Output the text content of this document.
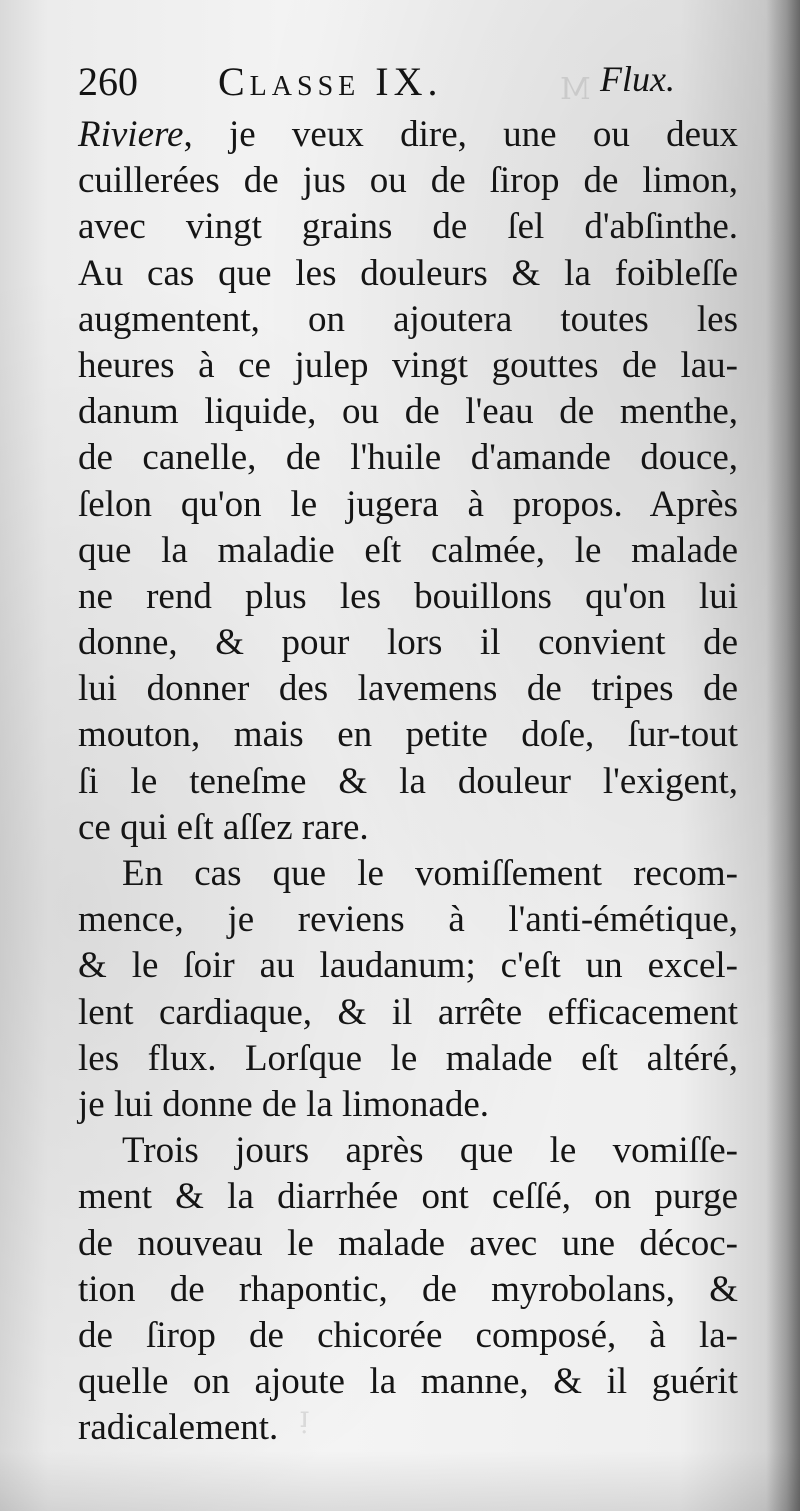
M
ᴉ
260 Classe IX.	Flux.
Riviere, je veux dire, une ou deux
cuillerées de jus ou de ſirop de limon,
avec vingt grains de ſel d'abſinthe.
Au cas que les douleurs & la foibleſſe
augmentent, on ajoutera toutes les
heures à ce julep vingt gouttes de lau-
danum liquide, ou de l'eau de menthe,
de canelle, de l'huile d'amande douce,
ſelon qu'on le jugera à propos. Après
que la maladie eſt calmée, le malade
ne rend plus les bouillons qu'on lui
donne, & pour lors il convient de
lui donner des lavemens de tripes de
mouton, mais en petite doſe, ſur-tout
ſi le teneſme & la douleur l'exigent,
ce qui eſt aſſez rare.
En cas que le vomiſſement recom-
mence, je reviens à l'anti-émétique,
& le ſoir au laudanum; c'eſt un excel-
lent cardiaque, & il arrête efficacement
les flux. Lorſque le malade eſt altéré,
je lui donne de la limonade.
Trois jours après que le vomiſſe-
ment & la diarrhée ont ceſſé, on purge
de nouveau le malade avec une décoc-
tion de rhapontic, de myrobolans, &
de ſirop de chicorée composé, à la-
quelle on ajoute la manne, & il guérit
radicalement.
